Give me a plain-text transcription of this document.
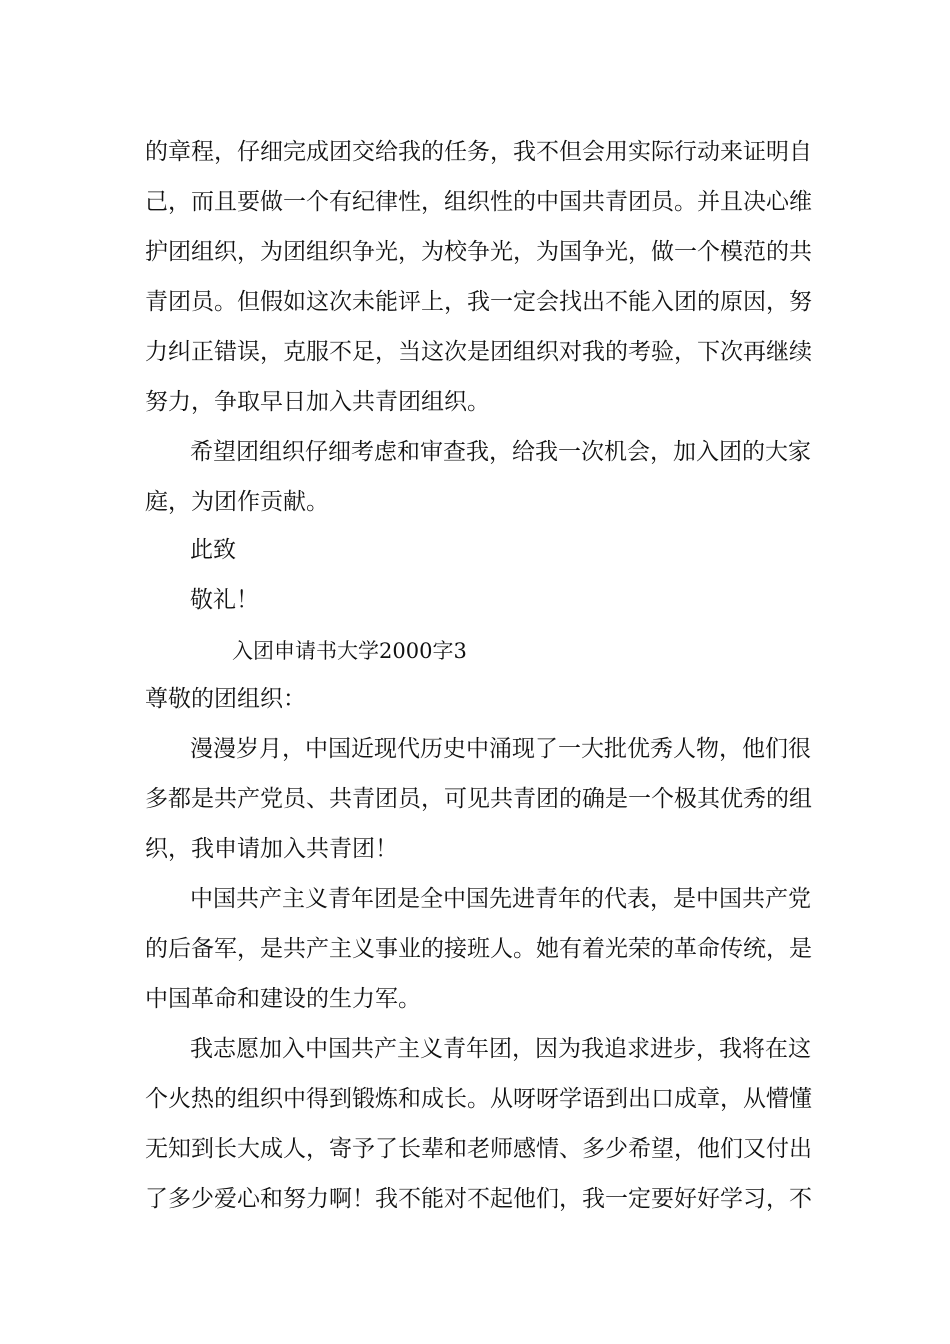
的章程，仔细完成团交给我的任务，我不但会用实际行动来证明自
己，而且要做一个有纪律性，组织性的中国共青团员。并且决心维
护团组织，为团组织争光，为校争光，为国争光，做一个模范的共
青团员。但假如这次未能评上，我一定会找出不能入团的原因，努
力纠正错误，克服不足，当这次是团组织对我的考验，下次再继续
努力，争取早日加入共青团组织。
希望团组织仔细考虑和审查我，给我一次机会，加入团的大家
庭，为团作贡献。
此致
敬礼！
入团申请书大学2000字3
尊敬的团组织：
漫漫岁月，中国近现代历史中涌现了一大批优秀人物，他们很
多都是共产党员、共青团员，可见共青团的确是一个极其优秀的组
织，我申请加入共青团！
中国共产主义青年团是全中国先进青年的代表，是中国共产党
的后备军，是共产主义事业的接班人。她有着光荣的革命传统，是
中国革命和建设的生力军。
我志愿加入中国共产主义青年团，因为我追求进步，我将在这
个火热的组织中得到锻炼和成长。从呀呀学语到出口成章，从懵懂
无知到长大成人，寄予了长辈和老师感情、多少希望，他们又付出
了多少爱心和努力啊！我不能对不起他们，我一定要好好学习，不
